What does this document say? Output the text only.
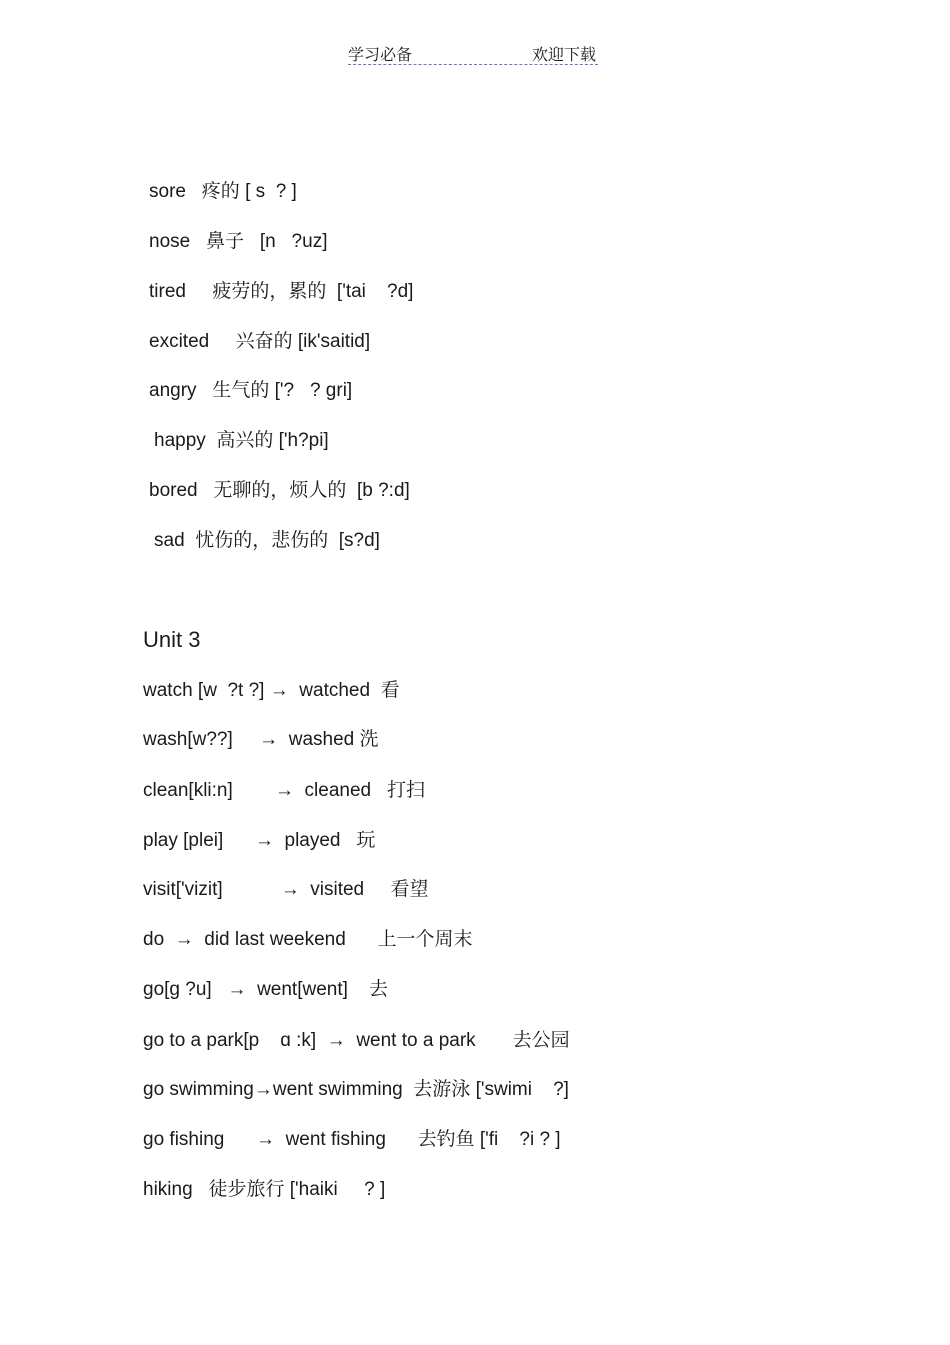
学习必备	欢迎下载
sore   疼的 [ s  ? ]
nose   鼻子   [n   ?uz]
tired     疲劳的，累的  ['tai    ?d]
excited     兴奋的 [ik'saitid]
angry   生气的 ['?   ? gri]
happy  高兴的 ['h?pi]
bored   无聊的，烦人的  [b ?:d]
sad  忧伤的，悲伤的  [s?d]
Unit 3
watch [w  ?t ?] →  watched  看
wash[w??]     →  washed 洗
clean[kli:n]        →  cleaned   打扫
play [plei]      →  played   玩
visit['vizit]           →  visited     看望
do  →  did last weekend      上一个周末
go[g ?u]   →  went[went]    去
go to a park[p    ɑ :k]  →  went to a park       去公园
go swimming→went swimming  去游泳 ['swimi    ?]
go fishing      →  went fishing      去钓鱼 ['fi    ?i ? ]
hiking   徒步旅行 ['haiki     ? ]
